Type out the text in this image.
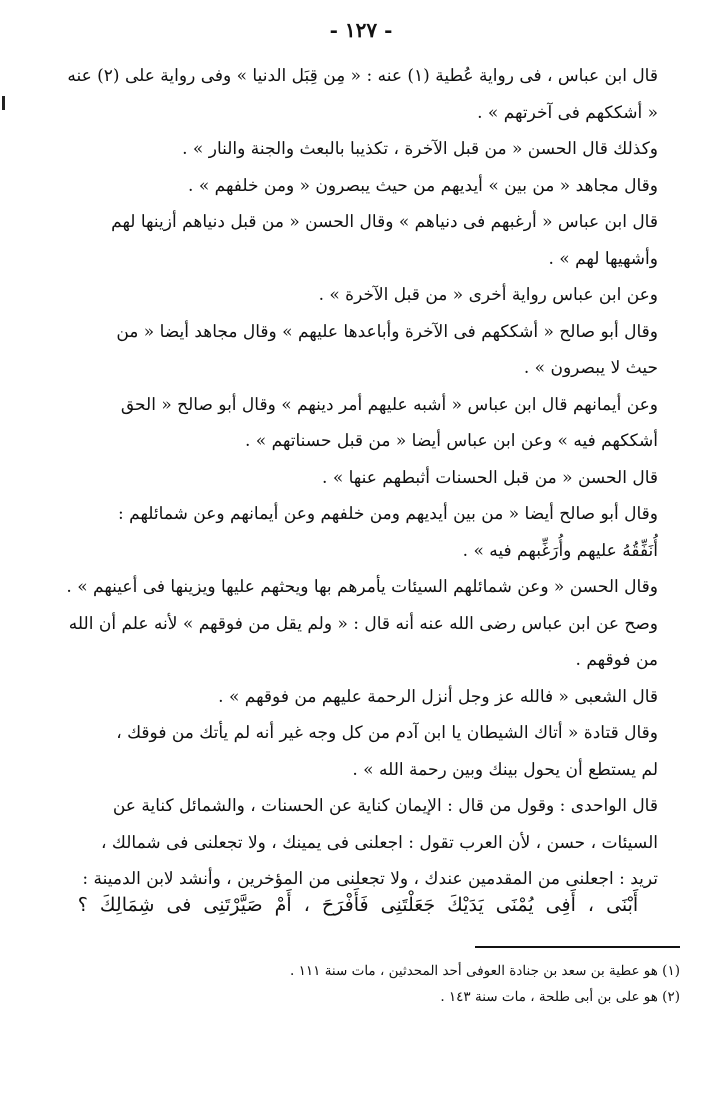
- ١٢٧ -
قال ابن عباس ، فى رواية عُطية (١) عنه : « مِن قِبَل الدنيا » وفى رواية على (٢) عنه
« أشككهم فى آخرتهم » .
وكذلك قال الحسن « من قبل الآخرة ، تكذيبا بالبعث والجنة والنار » .
وقال مجاهد « من بين » أيديهم من حيث يبصرون « ومن خلفهم » .
قال ابن عباس « أرغبهم فى دنياهم » وقال الحسن « من قبل دنياهم أزينها لهم
وأشهيها لهم » .
وعن ابن عباس رواية أخرى « من قبل الآخرة » .
وقال أبو صالح « أشككهم فى الآخرة وأباعدها عليهم » وقال مجاهد أيضا « من
حيث لا يبصرون » .
وعن أيمانهم قال ابن عباس « أشبه عليهم أمر دينهم » وقال أبو صالح « الحق
أشككهم فيه » وعن ابن عباس أيضا « من قبل حسناتهم » .
قال الحسن « من قبل الحسنات أثبطهم عنها » .
وقال أبو صالح أيضا « من بين أيديهم ومن خلفهم وعن أيمانهم وعن شمائلهم :
أُنَفِّقُهُ عليهم وأُرَغِّبهم فيه » .
وقال الحسن « وعن شمائلهم السيئات يأمرهم بها ويحثهم عليها ويزينها فى أعينهم » .
وصح عن ابن عباس رضى الله عنه أنه قال : « ولم يقل من فوقهم » لأنه علم أن الله
من فوقهم .
قال الشعبى « فالله عز وجل أنزل الرحمة عليهم من فوقهم » .
وقال قتادة « أتاك الشيطان يا ابن آدم من كل وجه غير أنه لم يأتك من فوقك ،
لم يستطع أن يحول بينك وبين رحمة الله » .
قال الواحدى : وقول من قال : الإيمان كناية عن الحسنات ، والشمائل كناية عن
السيئات ، حسن ، لأن العرب تقول : اجعلنى فى يمينك ، ولا تجعلنى فى شمالك ،
تريد : اجعلنى من المقدمين عندك ، ولا تجعلنى من المؤخرين ، وأنشد لابن الدمينة :
أَبْنَى ، أَفِى يُمْنَى يَدَيْكَ جَعَلْتَنِى فَأَفْرَحَ ، أَمْ صَيَّرْتَنِى فى شِمَالِكَ ؟
(١) هو عطية بن سعد بن جنادة العوفى أحد المحدثين ، مات سنة ١١١ .
(٢) هو على بن أبى طلحة ، مات سنة ١٤٣ .
